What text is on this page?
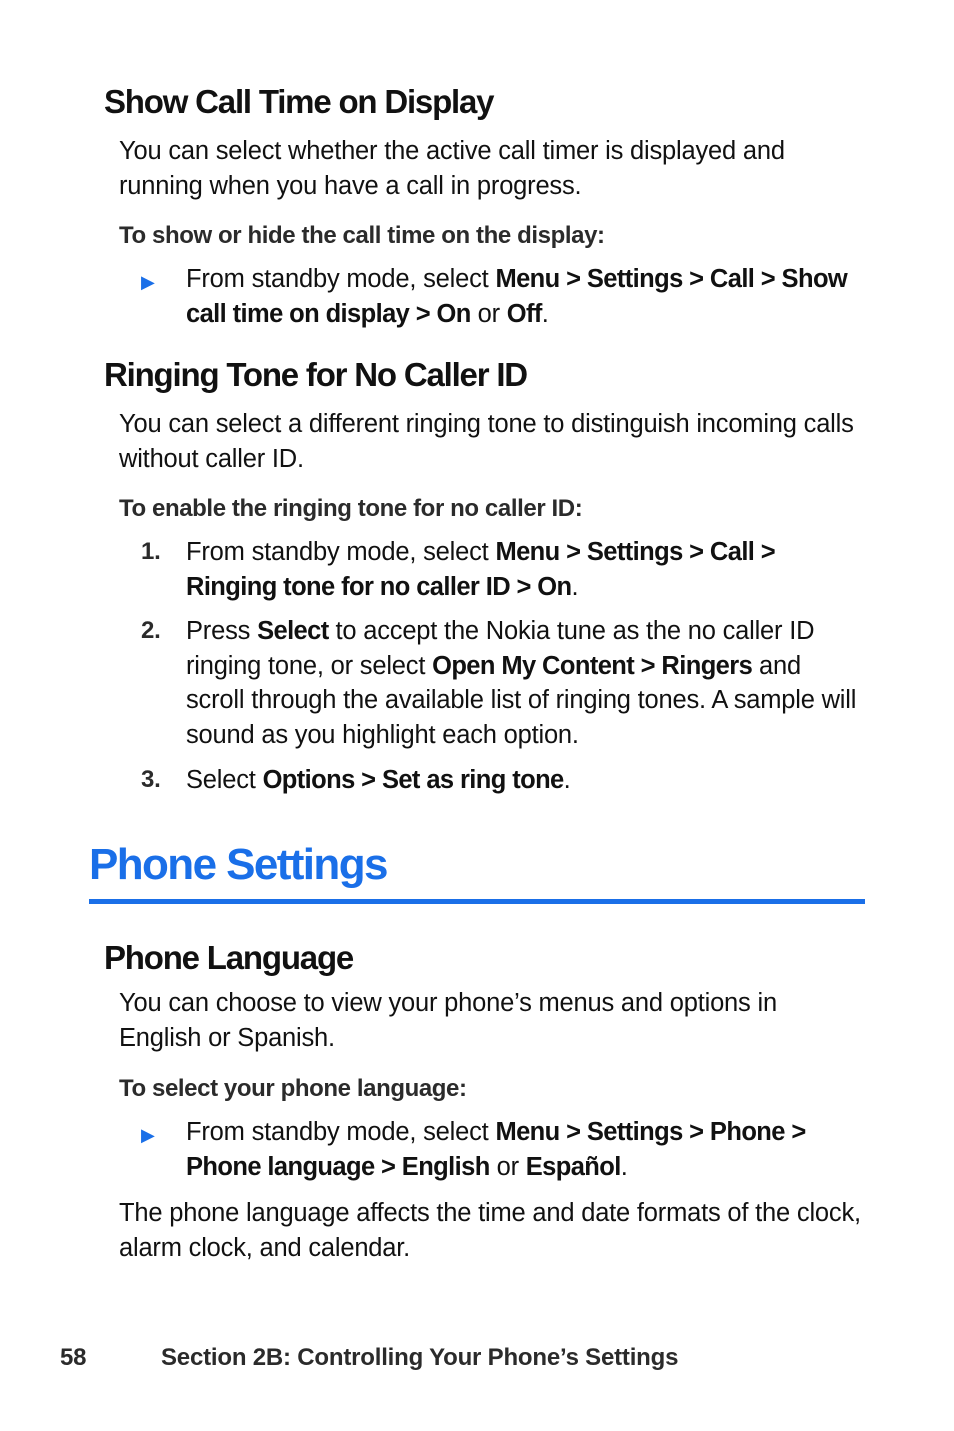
Show Call Time on Display

You can select whether the active call timer is displayed and running when you have a call in progress.

To show or hide the call time on the display:
▶	From standby mode, select Menu > Settings > Call > Show call time on display > On or Off.
Ringing Tone for No Caller ID

You can select a different ringing tone to distinguish incoming calls without caller ID.

To enable the ringing tone for no caller ID:
1. From standby mode, select Menu > Settings > Call > Ringing tone for no caller ID > On.
2. Press Select to accept the Nokia tune as the no caller ID ringing tone, or select Open My Content > Ringers and scroll through the available list of ringing tones. A sample will sound as you highlight each option.
3. Select Options > Set as ring tone.
Phone Settings
Phone Language

You can choose to view your phone’s menus and options in English or Spanish.

To select your phone language:
▶	From standby mode, select Menu > Settings > Phone > Phone language > English or Español.

The phone language affects the time and date formats of the clock, alarm clock, and calendar.

58	Section 2B: Controlling Your Phone’s Settings
